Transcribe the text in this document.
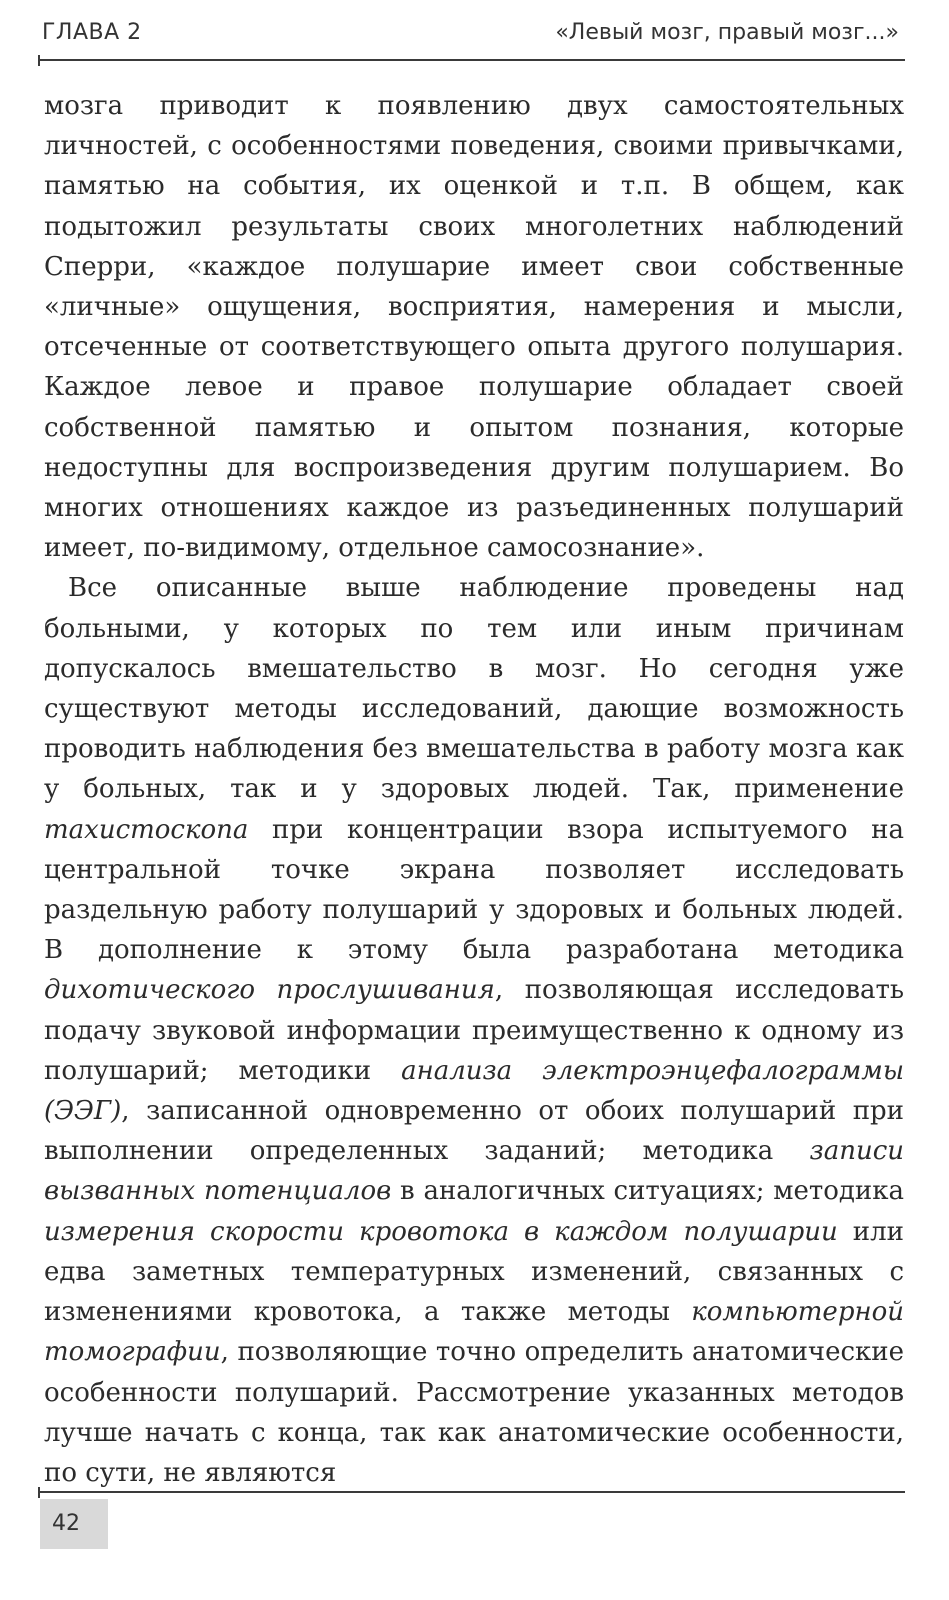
ГЛАВА 2	«Левый мозг, правый мозг...»

мозга приводит к появлению двух самостоятельных личностей, с особенностями поведения, своими привычками, памятью на события, их оценкой и т.п. В общем, как подытожил результаты своих многолетних наблюдений Сперри, «каждое полушарие имеет свои собственные «личные» ощущения, восприятия, намерения и мысли, отсеченные от соответствующего опыта другого полушария. Каждое левое и правое полушарие обладает своей собственной памятью и опытом познания, которые недоступны для воспроизведения другим полушарием. Во многих отношениях каждое из разъединенных полушарий имеет, по-видимому, отдельное самосознание».

Все описанные выше наблюдение проведены над больными, у которых по тем или иным причинам допускалось вмешательство в мозг. Но сегодня уже существуют методы исследований, дающие возможность проводить наблюдения без вмешательства в работу мозга как у больных, так и у здоровых людей. Так, применение тахистоскопа при концентрации взора испытуемого на центральной точке экрана позволяет исследовать раздельную работу полушарий у здоровых и больных людей. В дополнение к этому была разработана методика дихотического прослушивания, позволяющая исследовать подачу звуковой информации преимущественно к одному из полушарий; методики анализа электроэнцефалограммы (ЭЭГ), записанной одновременно от обоих полушарий при выполнении определенных заданий; методика записи вызванных потенциалов в аналогичных ситуациях; методика измерения скорости кровотока в каждом полушарии или едва заметных температурных изменений, связанных с изменениями кровотока, а также методы компьютерной томографии, позволяющие точно определить анатомические особенности полушарий. Рассмотрение указанных методов лучше начать с конца, так как анатомические особенности, по сути, не являются

42
